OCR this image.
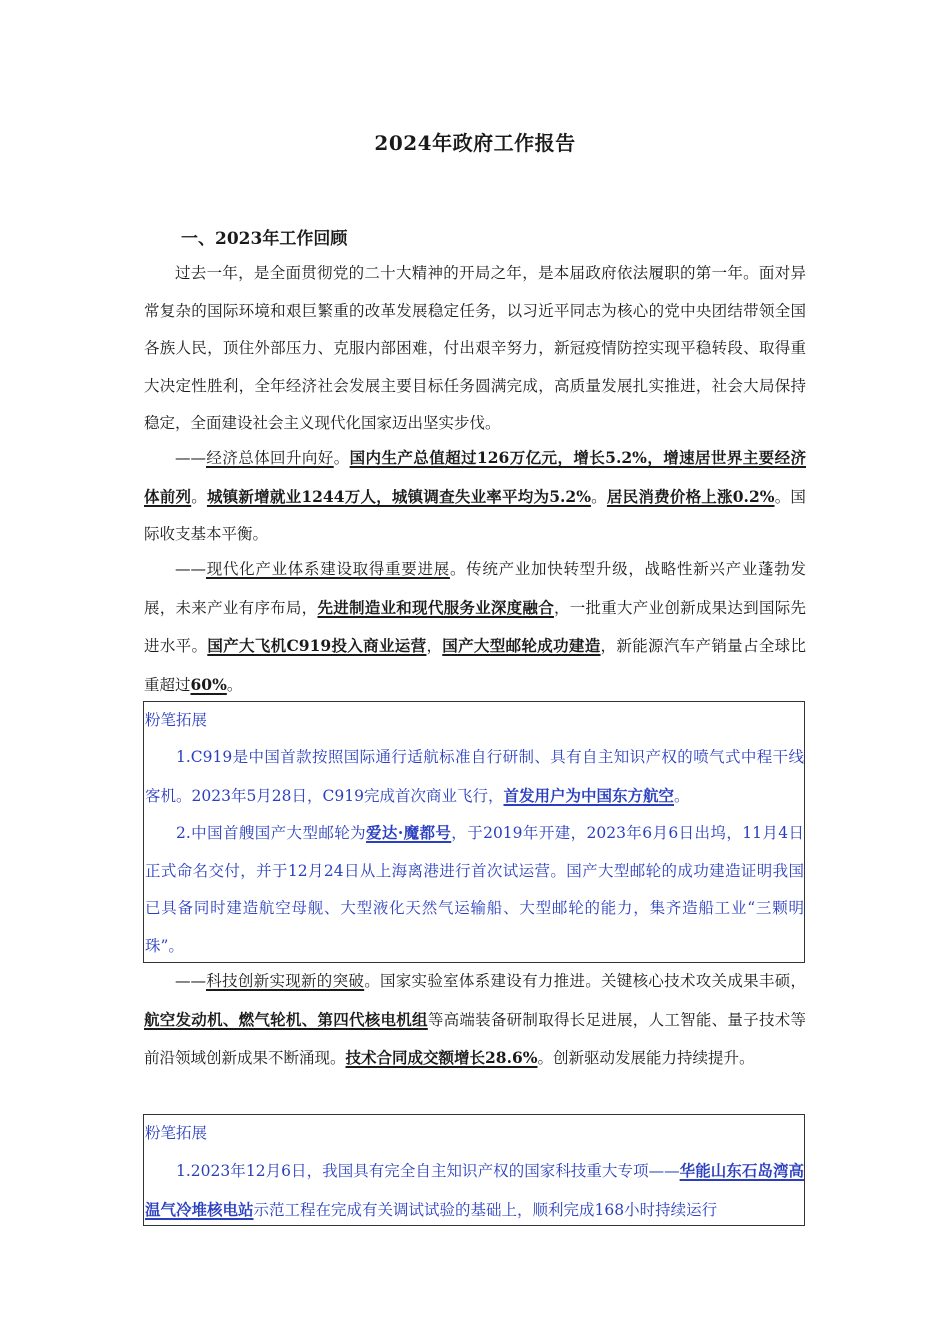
2024年政府工作报告
一、2023年工作回顾

过去一年，是全面贯彻党的二十大精神的开局之年，是本届政府依法履职的第一年。面对异常复杂的国际环境和艰巨繁重的改革发展稳定任务，以习近平同志为核心的党中央团结带领全国各族人民，顶住外部压力、克服内部困难，付出艰辛努力，新冠疫情防控实现平稳转段、取得重大决定性胜利，全年经济社会发展主要目标任务圆满完成，高质量发展扎实推进，社会大局保持稳定，全面建设社会主义现代化国家迈出坚实步伐。

——经济总体回升向好。国内生产总值超过126万亿元，增长5.2%，增速居世界主要经济体前列。城镇新增就业1244万人，城镇调查失业率平均为5.2%。居民消费价格上涨0.2%。国际收支基本平衡。

——现代化产业体系建设取得重要进展。传统产业加快转型升级，战略性新兴产业蓬勃发展，未来产业有序布局，先进制造业和现代服务业深度融合，一批重大产业创新成果达到国际先进水平。国产大飞机C919投入商业运营，国产大型邮轮成功建造，新能源汽车产销量占全球比重超过60%。

粉笔拓展

1.C919是中国首款按照国际通行适航标准自行研制、具有自主知识产权的喷气式中程干线客机。2023年5月28日，C919完成首次商业飞行，首发用户为中国东方航空。

2.中国首艘国产大型邮轮为爱达·魔都号，于2019年开建，2023年6月6日出坞，11月4日正式命名交付，并于12月24日从上海离港进行首次试运营。国产大型邮轮的成功建造证明我国已具备同时建造航空母舰、大型液化天然气运输船、大型邮轮的能力，集齐造船工业“三颗明珠”。

——科技创新实现新的突破。国家实验室体系建设有力推进。关键核心技术攻关成果丰硕，航空发动机、燃气轮机、第四代核电机组等高端装备研制取得长足进展，人工智能、量子技术等前沿领域创新成果不断涌现。技术合同成交额增长28.6%。创新驱动发展能力持续提升。

粉笔拓展

1.2023年12月6日，我国具有完全自主知识产权的国家科技重大专项——华能山东石岛湾高温气冷堆核电站示范工程在完成有关调试试验的基础上，顺利完成168小时持续运行
